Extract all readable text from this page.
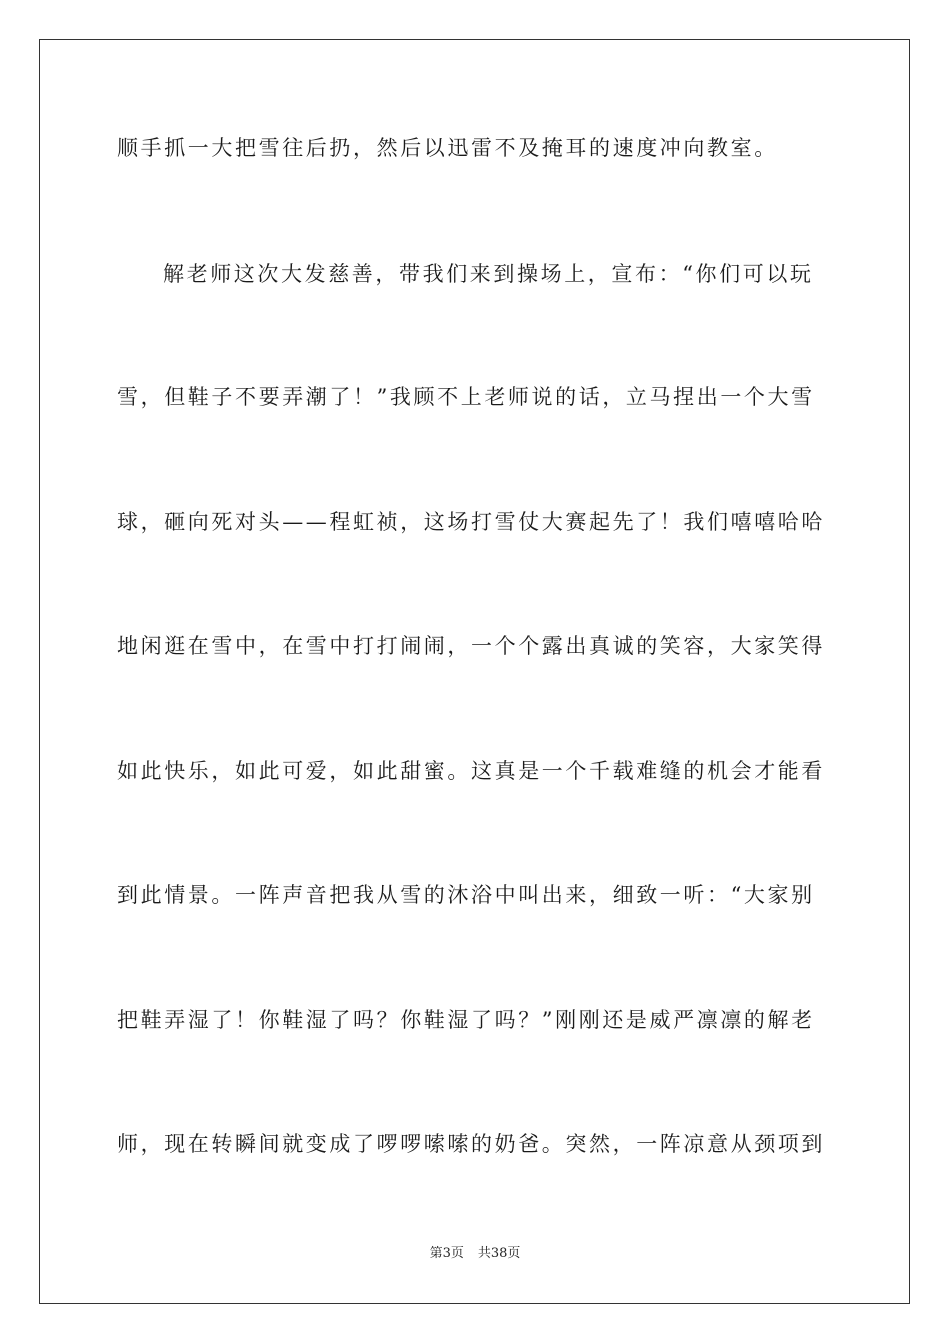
顺手抓一大把雪往后扔，然后以迅雷不及掩耳的速度冲向教室。
解老师这次大发慈善，带我们来到操场上，宣布：“你们可以玩
雪，但鞋子不要弄潮了！”我顾不上老师说的话，立马捏出一个大雪
球，砸向死对头——程虹祯，这场打雪仗大赛起先了！我们嘻嘻哈哈
地闲逛在雪中，在雪中打打闹闹，一个个露出真诚的笑容，大家笑得
如此快乐，如此可爱，如此甜蜜。这真是一个千载难缝的机会才能看
到此情景。一阵声音把我从雪的沐浴中叫出来，细致一听：“大家别
把鞋弄湿了！你鞋湿了吗？你鞋湿了吗？”刚刚还是威严凛凛的解老
师，现在转瞬间就变成了啰啰嗦嗦的奶爸。突然，一阵凉意从颈项到
第3页 共38页
